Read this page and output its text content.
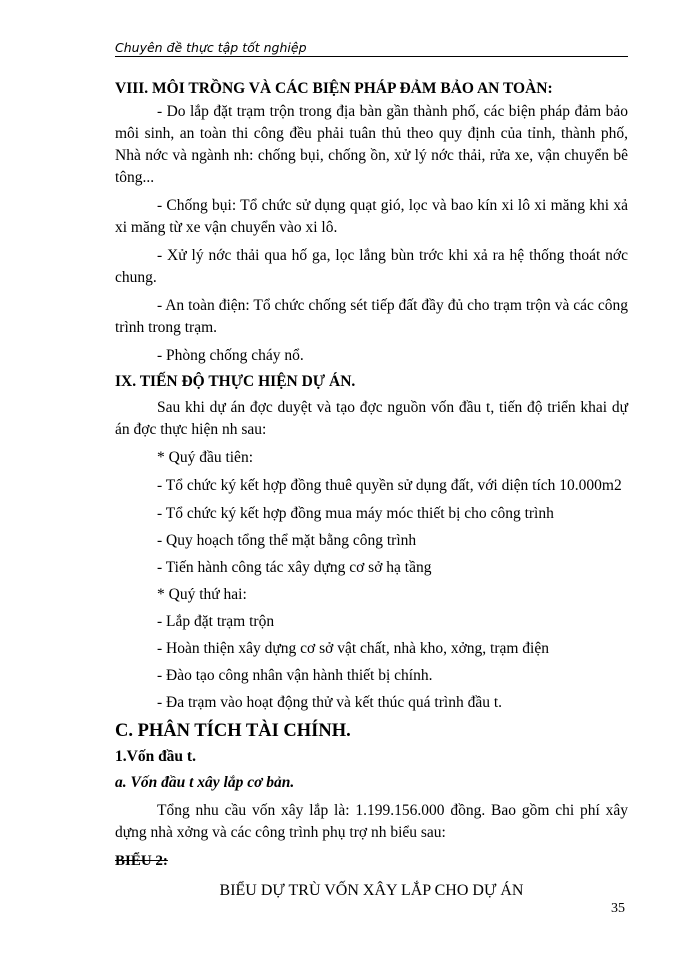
Chuyên đề thực tập tốt nghiệp
VIII. MÔI TRỒNG VÀ CÁC BIỆN PHÁP ĐẢM BẢO AN TOÀN:

- Do lắp đặt trạm trộn trong địa bàn gần thành phố, các biện pháp đảm bảo môi sinh, an toàn thi công đều phải tuân thủ theo quy định của tỉnh, thành phố, Nhà nớc và ngành nh: chống bụi, chống ồn, xử lý nớc thải, rửa xe, vận chuyển bê tông...

- Chống bụi: Tổ chức sử dụng quạt gió, lọc và bao kín xi lô xi măng khi xả xi măng từ xe vận chuyển vào xi lô.

- Xử lý nớc thải qua hố ga, lọc lắng bùn trớc khi xả ra hệ thống thoát nớc chung.

- An toàn điện: Tổ chức chống sét tiếp đất đầy đủ cho trạm trộn và các công trình trong trạm.

- Phòng chống cháy nổ.

IX. TIẾN ĐỘ THỰC HIỆN DỰ ÁN.

Sau khi dự án đợc duyệt và tạo đợc nguồn vốn đầu t, tiến độ triển khai dự án đợc thực hiện nh sau:

* Quý đầu tiên:

- Tổ chức ký kết hợp đồng thuê quyền sử dụng đất, với diện tích 10.000m2

- Tổ chức ký kết hợp đồng mua máy móc thiết bị cho công trình

- Quy hoạch tổng thể mặt bằng công trình

- Tiến hành công tác xây dựng cơ sở hạ tầng

* Quý thứ hai:

- Lắp đặt trạm trộn

- Hoàn thiện xây dựng cơ sở vật chất, nhà kho, xởng, trạm điện

- Đào tạo công nhân vận hành thiết bị chính.

- Đa trạm vào hoạt động thử và kết thúc quá trình đầu t.

C. PHÂN TÍCH TÀI CHÍNH.

1.Vốn đầu t.

a. Vốn đầu t xây lắp cơ bản.

Tổng nhu cầu vốn xây lắp là: 1.199.156.000 đồng. Bao gồm chi phí xây dựng nhà xởng và các công trình phụ trợ nh biểu sau:

BIỂU 2:

BIỂU DỰ TRÙ VỐN XÂY LẮP CHO DỰ ÁN

35
